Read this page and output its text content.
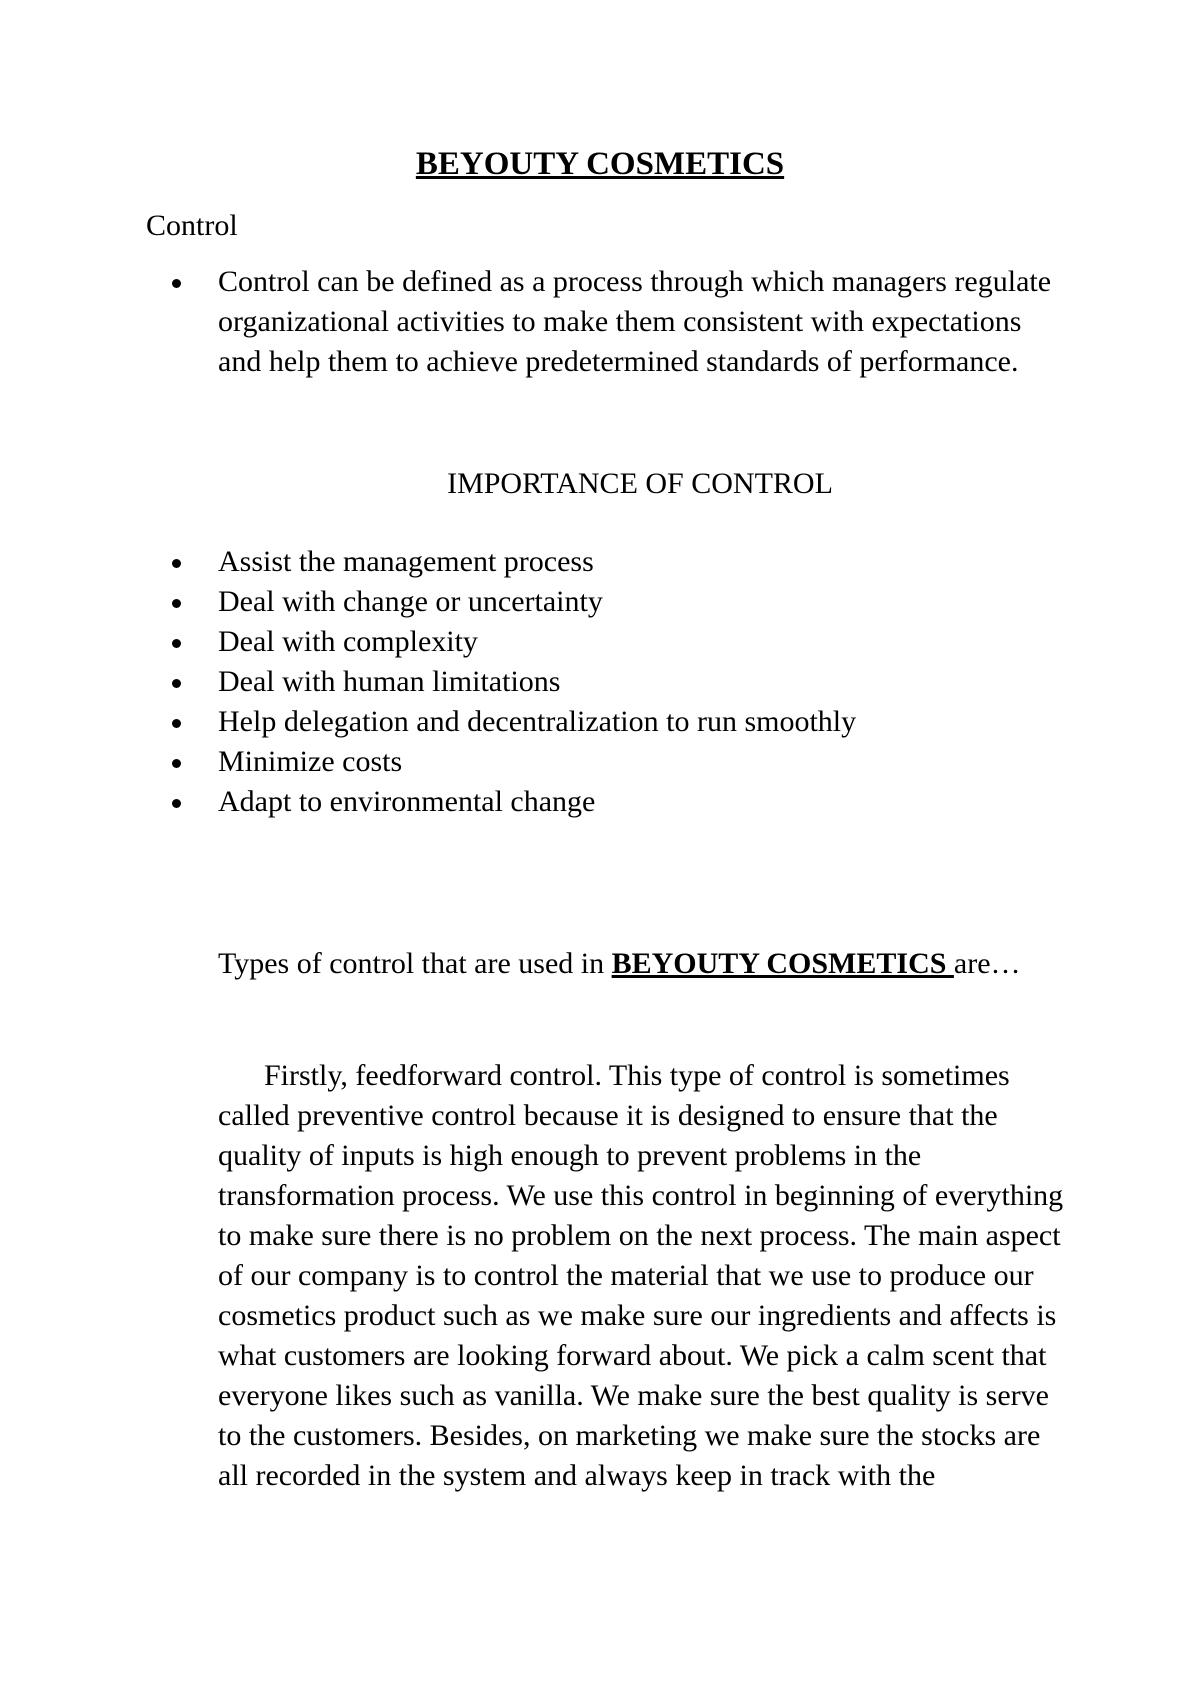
BEYOUTY COSMETICS

Control

Control can be defined as a process through which managers regulate organizational activities to make them consistent with expectations and help them to achieve predetermined standards of performance.

IMPORTANCE OF CONTROL

Assist the management process
Deal with change or uncertainty
Deal with complexity
Deal with human limitations
Help delegation and decentralization to run smoothly
Minimize costs
Adapt to environmental change

Types of control that are used in BEYOUTY COSMETICS are…

Firstly, feedforward control. This type of control is sometimes called preventive control because it is designed to ensure that the quality of inputs is high enough to prevent problems in the transformation process. We use this control in beginning of everything to make sure there is no problem on the next process. The main aspect of our company is to control the material that we use to produce our cosmetics product such as we make sure our ingredients and affects is what customers are looking forward about. We pick a calm scent that everyone likes such as vanilla. We make sure the best quality is serve to the customers. Besides, on marketing we make sure the stocks are all recorded in the system and always keep in track with the
